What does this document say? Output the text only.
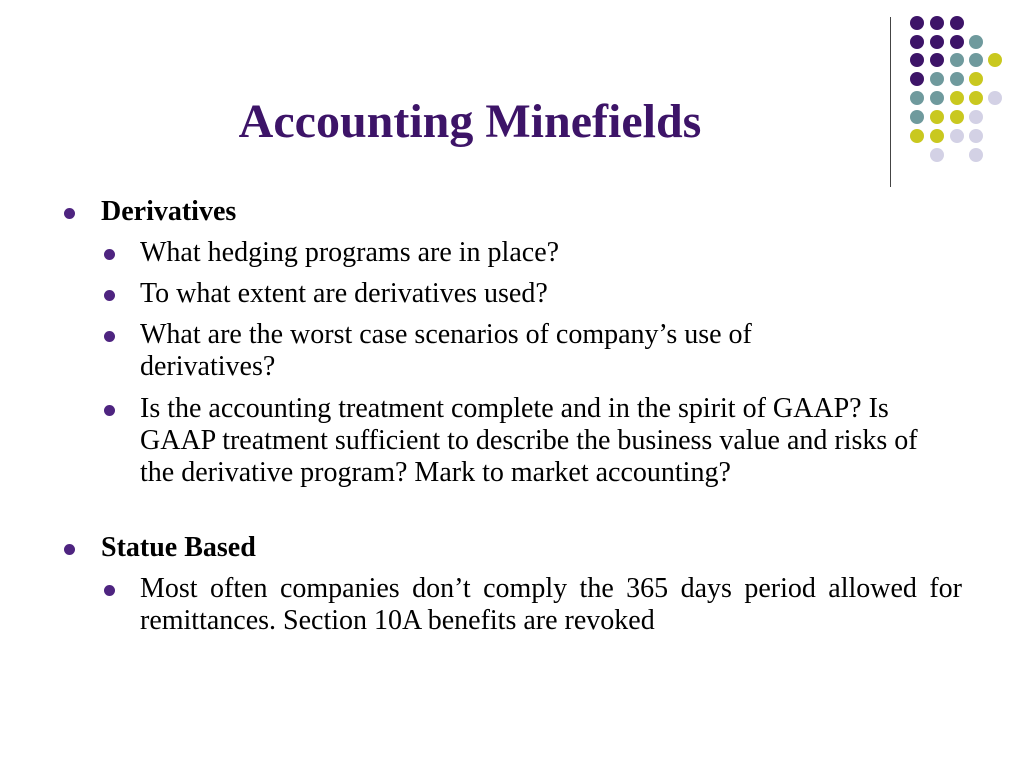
Accounting Minefields
Derivatives
What hedging programs are in place?
To what extent are derivatives used?
What are the worst case scenarios of company’s use of derivatives?
Is the accounting treatment complete and in the spirit of GAAP? Is GAAP treatment sufficient to describe the business value and risks of the derivative program? Mark to market accounting?
Statue Based
Most often companies don’t comply the 365 days period allowed for remittances. Section 10A benefits are revoked
